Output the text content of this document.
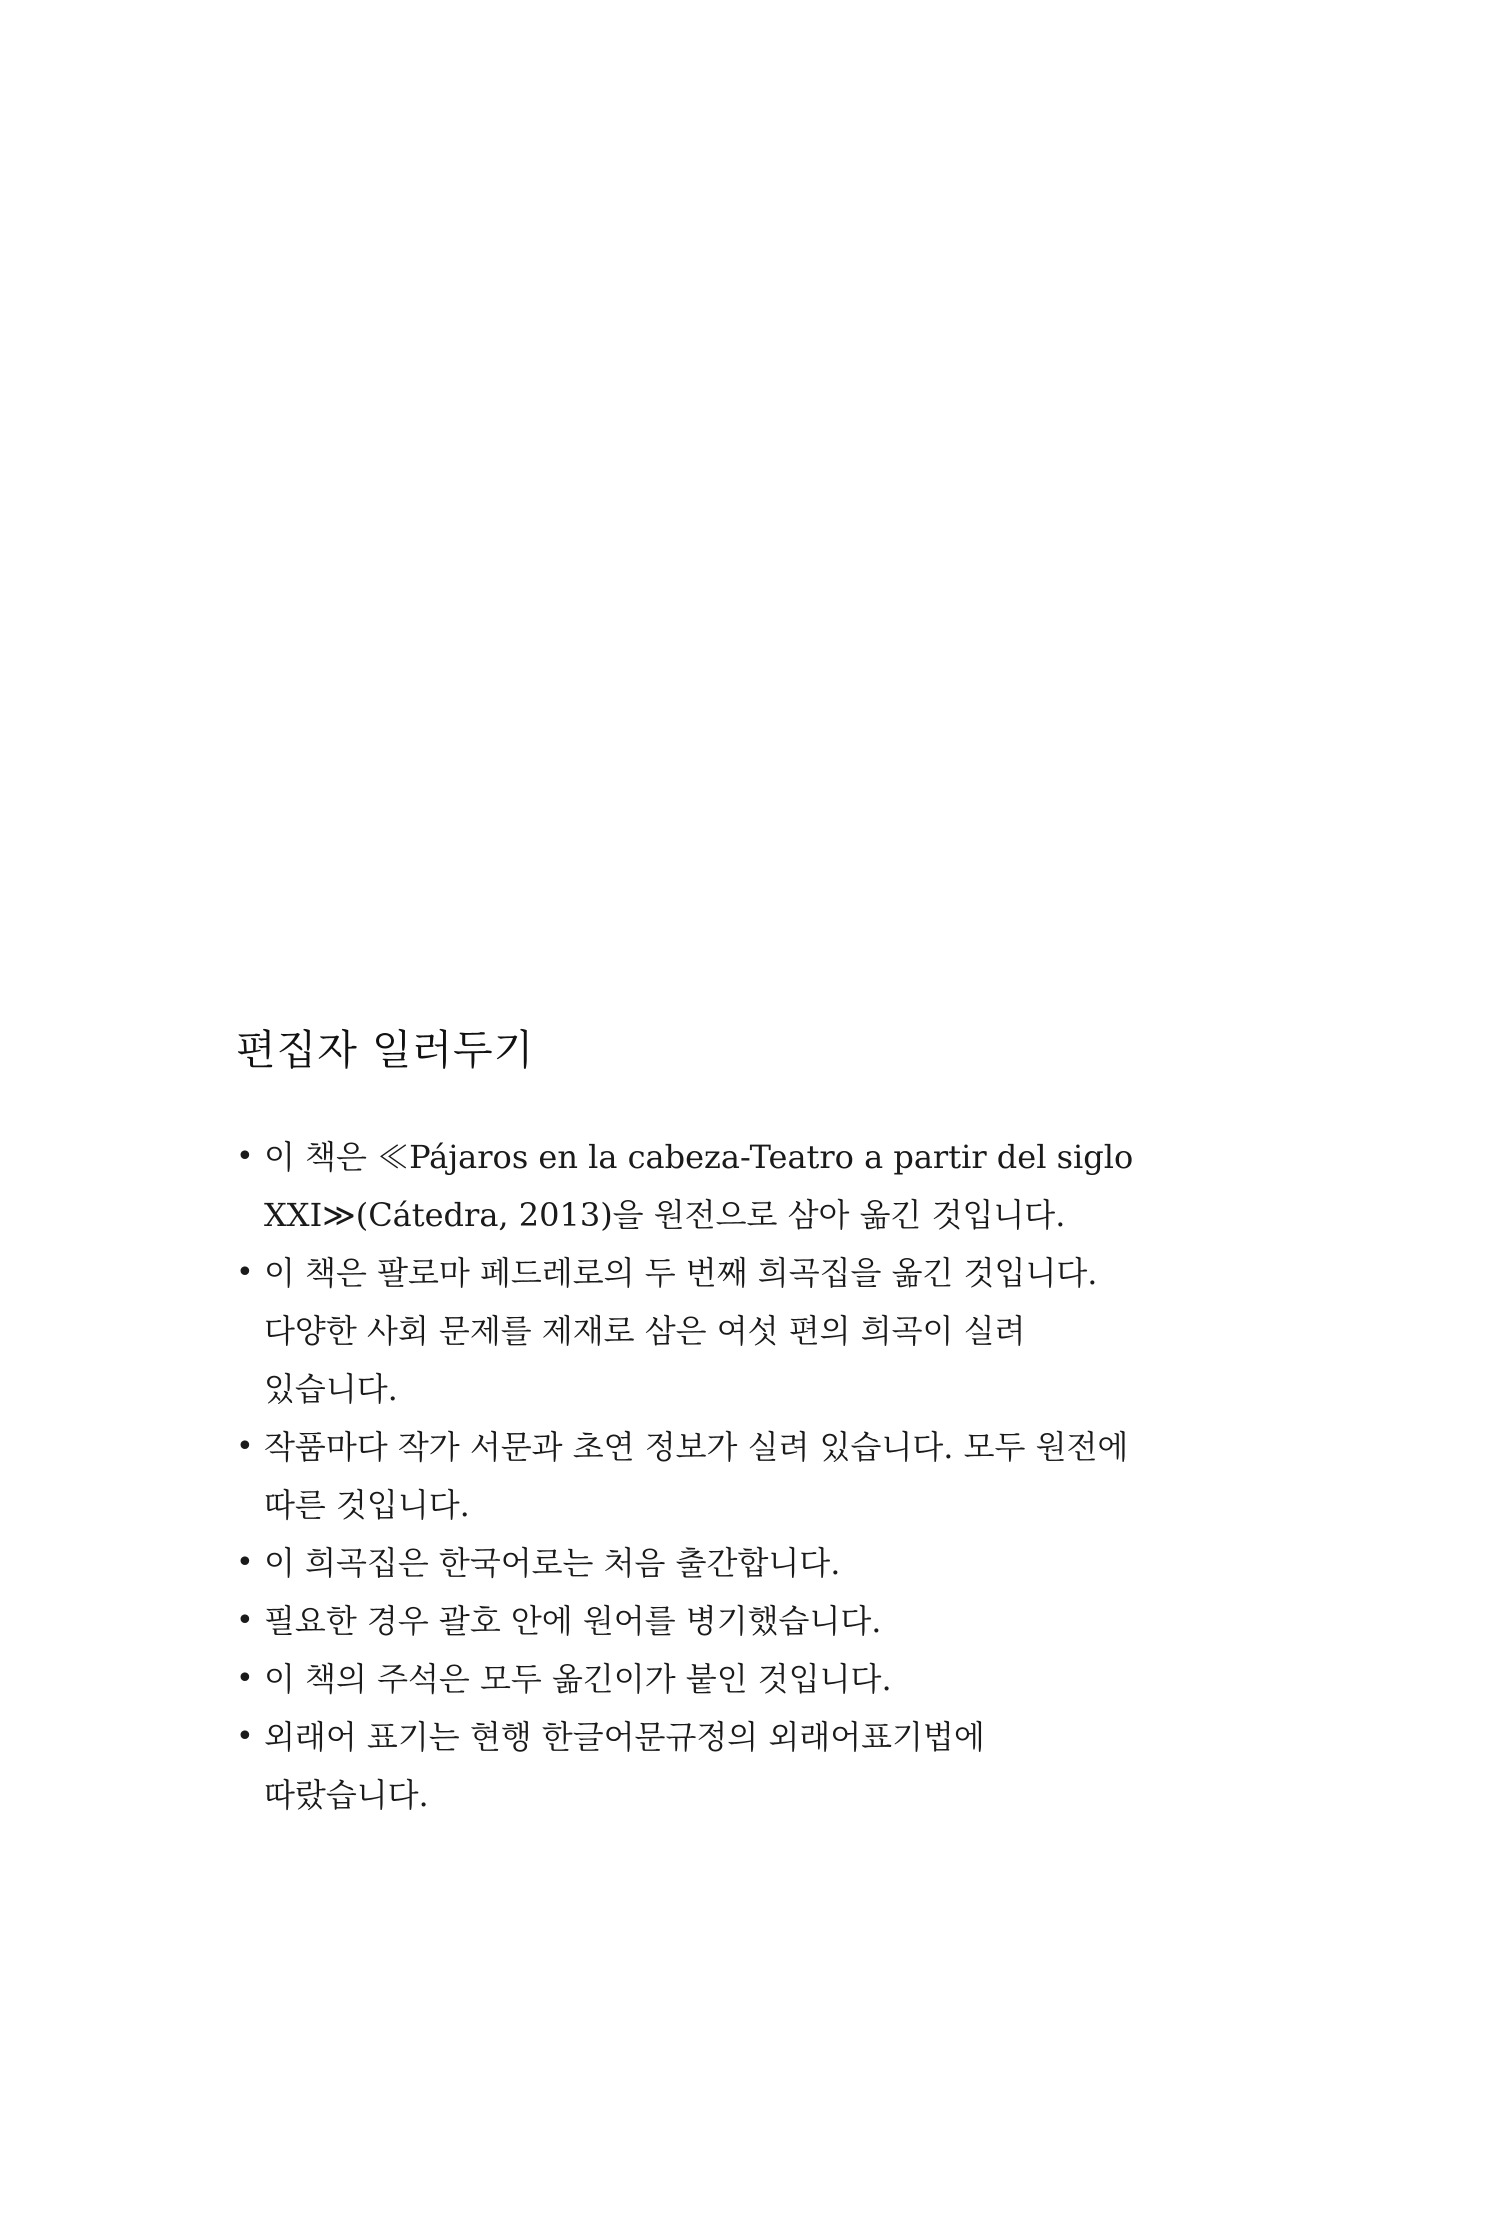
편집자 일러두기
• 이 책은 ≪Pájaros en la cabeza-Teatro a partir del siglo
XXI≫(Cátedra, 2013)을 원전으로 삼아 옮긴 것입니다.
• 이 책은 팔로마 페드레로의 두 번째 희곡집을 옮긴 것입니다.
다양한 사회 문제를 제재로 삼은 여섯 편의 희곡이 실려
있습니다.
• 작품마다 작가 서문과 초연 정보가 실려 있습니다. 모두 원전에
따른 것입니다.
• 이 희곡집은 한국어로는 처음 출간합니다.
• 필요한 경우 괄호 안에 원어를 병기했습니다.
• 이 책의 주석은 모두 옮긴이가 붙인 것입니다.
• 외래어 표기는 현행 한글어문규정의 외래어표기법에
따랐습니다.
